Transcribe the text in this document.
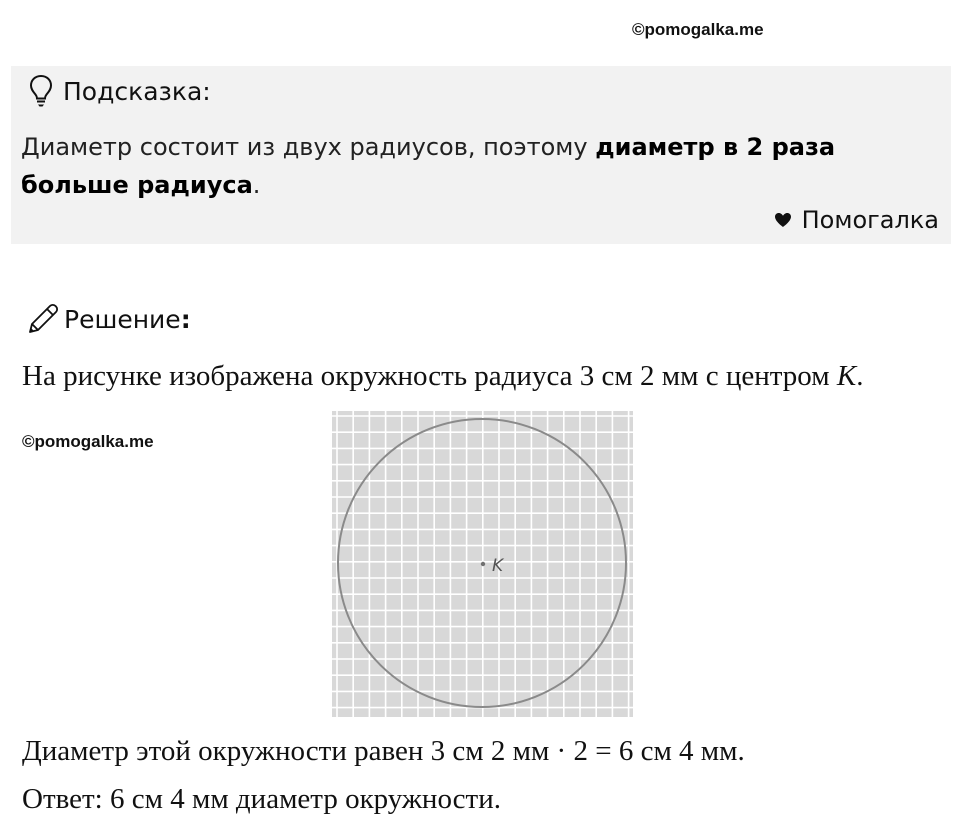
©pomogalka.me
Подсказка:
Диаметр состоит из двух радиусов, поэтому диаметр в 2 раза
больше радиуса.
Помогалка
Решение :
На рисунке изображена окружность радиуса 3 см 2 мм с центром K.
©pomogalka.me
K
Диаметр этой окружности равен 3 см 2 мм · 2 = 6 см 4 мм.
Ответ: 6 см 4 мм диаметр окружности.
